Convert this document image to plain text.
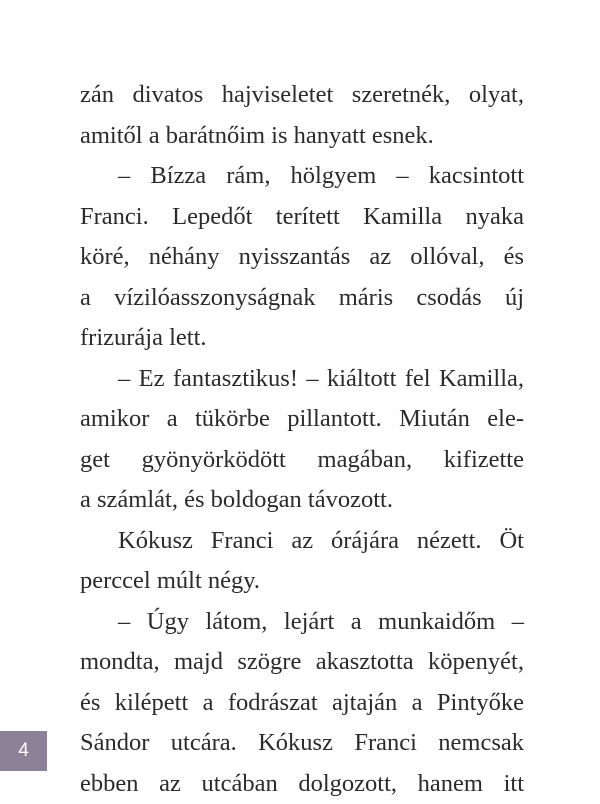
zán divatos hajviseletet szeretnék, olyat,
amitől a barátnőim is hanyatt esnek.
– Bízza rám, hölgyem – kacsintott
Franci. Lepedőt terített Kamilla nyaka
köré, néhány nyisszantás az ollóval, és
a vízilóasszonyságnak máris csodás új
frizurája lett.
– Ez fantasztikus! – kiáltott fel Kamilla,
amikor a tükörbe pillantott. Miután ele-
get gyönyörködött magában, kifizette
a számlát, és boldogan távozott.
Kókusz Franci az órájára nézett. Öt
perccel múlt négy.
– Úgy látom, lejárt a munkaidőm –
mondta, majd szögre akasztotta köpenyét,
és kilépett a fodrászat ajtaján a Pintyőke
Sándor utcára. Kókusz Franci nemcsak
ebben az utcában dolgozott, hanem itt
4
